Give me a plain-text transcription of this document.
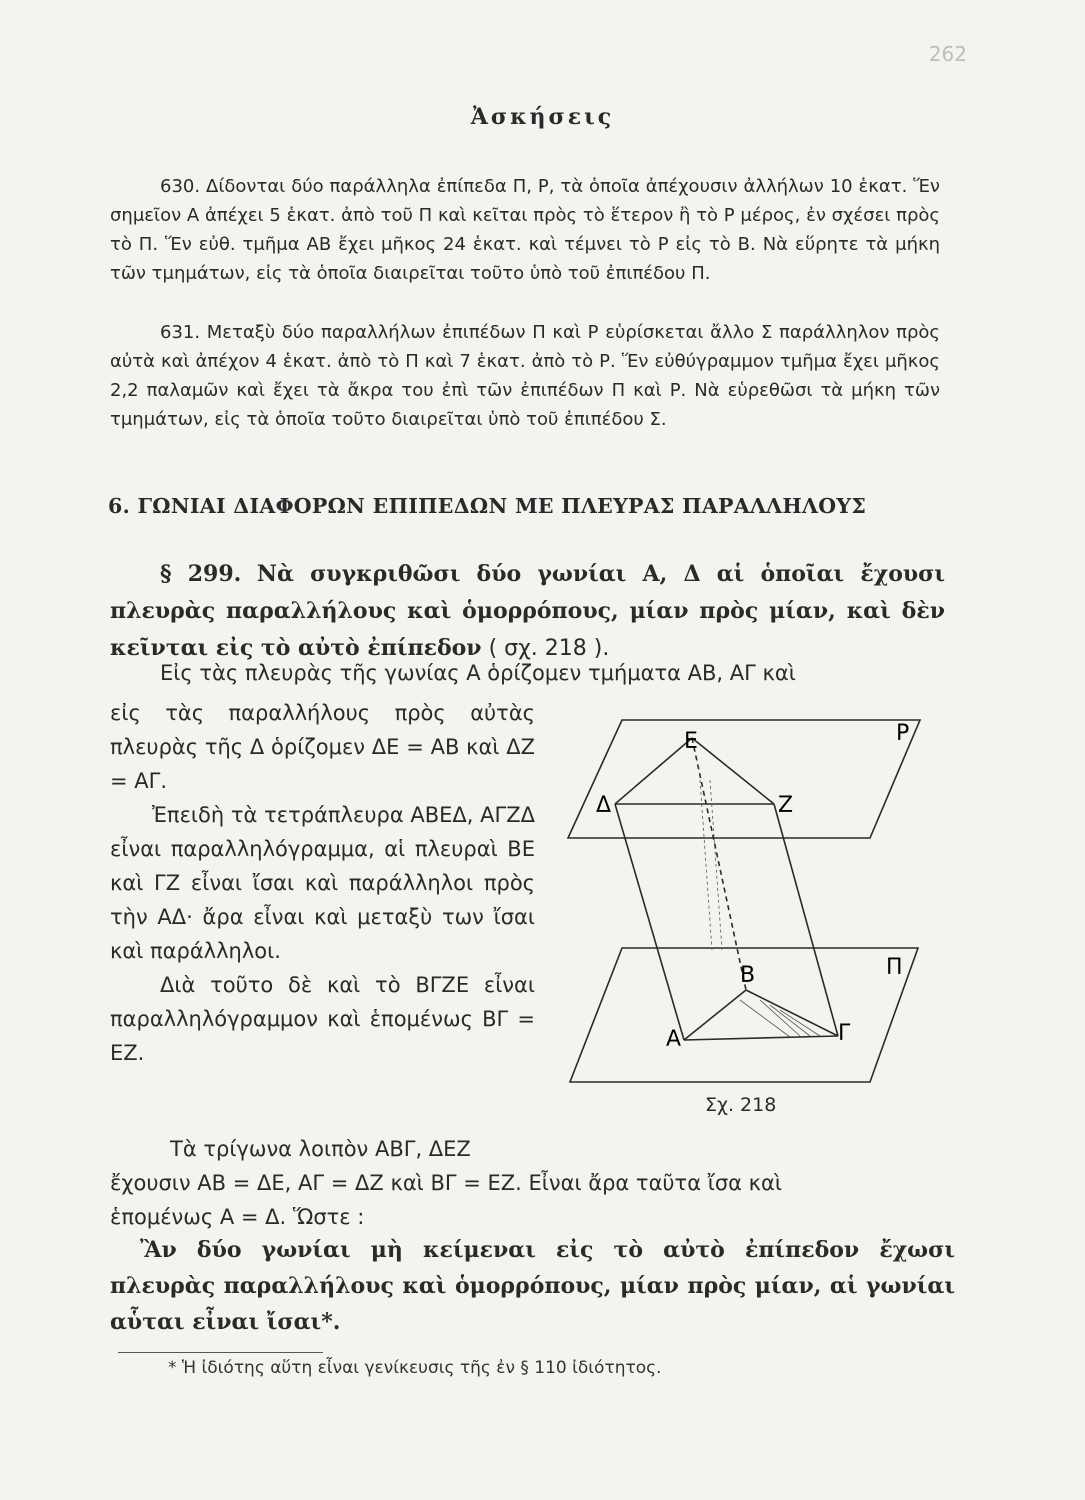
262
Ἀσκήσεις
630. Δίδονται δύο παράλληλα ἐπίπεδα Π, Ρ, τὰ ὁποῖα ἀπέχουσιν ἀλλήλων 10 ἑκατ. Ἕν σημεῖον Α ἀπέχει 5 ἑκατ. ἀπὸ τοῦ Π καὶ κεῖται πρὸς τὸ ἕτερον ἢ τὸ Ρ μέρος, ἐν σχέσει πρὸς τὸ Π. Ἕν εὐθ. τμῆμα ΑΒ ἔχει μῆκος 24 ἑκατ. καὶ τέμνει τὸ Ρ εἰς τὸ Β. Νὰ εὕρητε τὰ μήκη τῶν τμημάτων, εἰς τὰ ὁποῖα διαιρεῖται τοῦτο ὑπὸ τοῦ ἐπιπέδου Π.
631. Μεταξὺ δύο παραλλήλων ἐπιπέδων Π καὶ Ρ εὑρίσκεται ἄλλο Σ παράλληλον πρὸς αὐτὰ καὶ ἀπέχον 4 ἑκατ. ἀπὸ τὸ Π καὶ 7 ἑκατ. ἀπὸ τὸ Ρ. Ἕν εὐθύγραμμον τμῆμα ἔχει μῆκος 2,2 παλαμῶν καὶ ἔχει τὰ ἄκρα του ἐπὶ τῶν ἐπιπέδων Π καὶ Ρ. Νὰ εὑρεθῶσι τὰ μήκη τῶν τμημάτων, εἰς τὰ ὁποῖα τοῦτο διαιρεῖται ὑπὸ τοῦ ἐπιπέδου Σ.
6. ΓΩΝΙΑΙ ΔΙΑΦΟΡΩΝ ΕΠΙΠΕΔΩΝ ΜΕ ΠΛΕΥΡΑΣ ΠΑΡΑΛΛΗΛΟΥΣ
§ 299. Νὰ συγκριθῶσι δύο γωνίαι Α, Δ αἱ ὁποῖαι ἔχουσι πλευρὰς παραλλήλους καὶ ὁμορρόπους, μίαν πρὸς μίαν, καὶ δὲν κεῖνται εἰς τὸ αὐτὸ ἐπίπεδον ( σχ. 218 ).
Εἰς τὰς πλευρὰς τῆς γωνίας Α ὁρίζομεν τμήματα ΑΒ, ΑΓ καὶ

εἰς τὰς παραλλήλους πρὸς αὐτὰς πλευρὰς τῆς Δ ὁρίζομεν ΔΕ = ΑΒ καὶ ΔΖ = ΑΓ.

Ἐπειδὴ τὰ τετράπλευρα ΑΒΕΔ, ΑΓΖΔ εἶναι παραλληλόγραμμα, αἱ πλευραὶ ΒΕ καὶ ΓΖ εἶναι ἴσαι καὶ παράλληλοι πρὸς τὴν ΑΔ· ἄρα εἶναι καὶ μεταξὺ των ἴσαι καὶ παράλληλοι.

Διὰ τοῦτο δὲ καὶ τὸ ΒΓΖΕ εἶναι παραλληλόγραμμον καὶ ἑπομένως ΒΓ = ΕΖ.

Ε	Ρ
Δ	Ζ
Β	Π
Α	Γ
Σχ. 218

Τὰ τρίγωνα λοιπὸν ΑΒΓ, ΔΕΖ

ἔχουσιν ΑΒ = ΔΕ, ΑΓ = ΔΖ καὶ ΒΓ = ΕΖ. Εἶναι ἄρα ταῦτα ἴσα καὶ

ἑπομένως Α = Δ. Ὥστε :

Ἂν δύο γωνίαι μὴ κείμεναι εἰς τὸ αὐτὸ ἐπίπεδον ἔχωσι πλευρὰς παραλλήλους καὶ ὁμορρόπους, μίαν πρὸς μίαν, αἱ γωνίαι αὗται εἶναι ἴσαι*.
* Ἡ ἰδιότης αὕτη εἶναι γενίκευσις τῆς ἐν § 110 ἰδιότητος.
